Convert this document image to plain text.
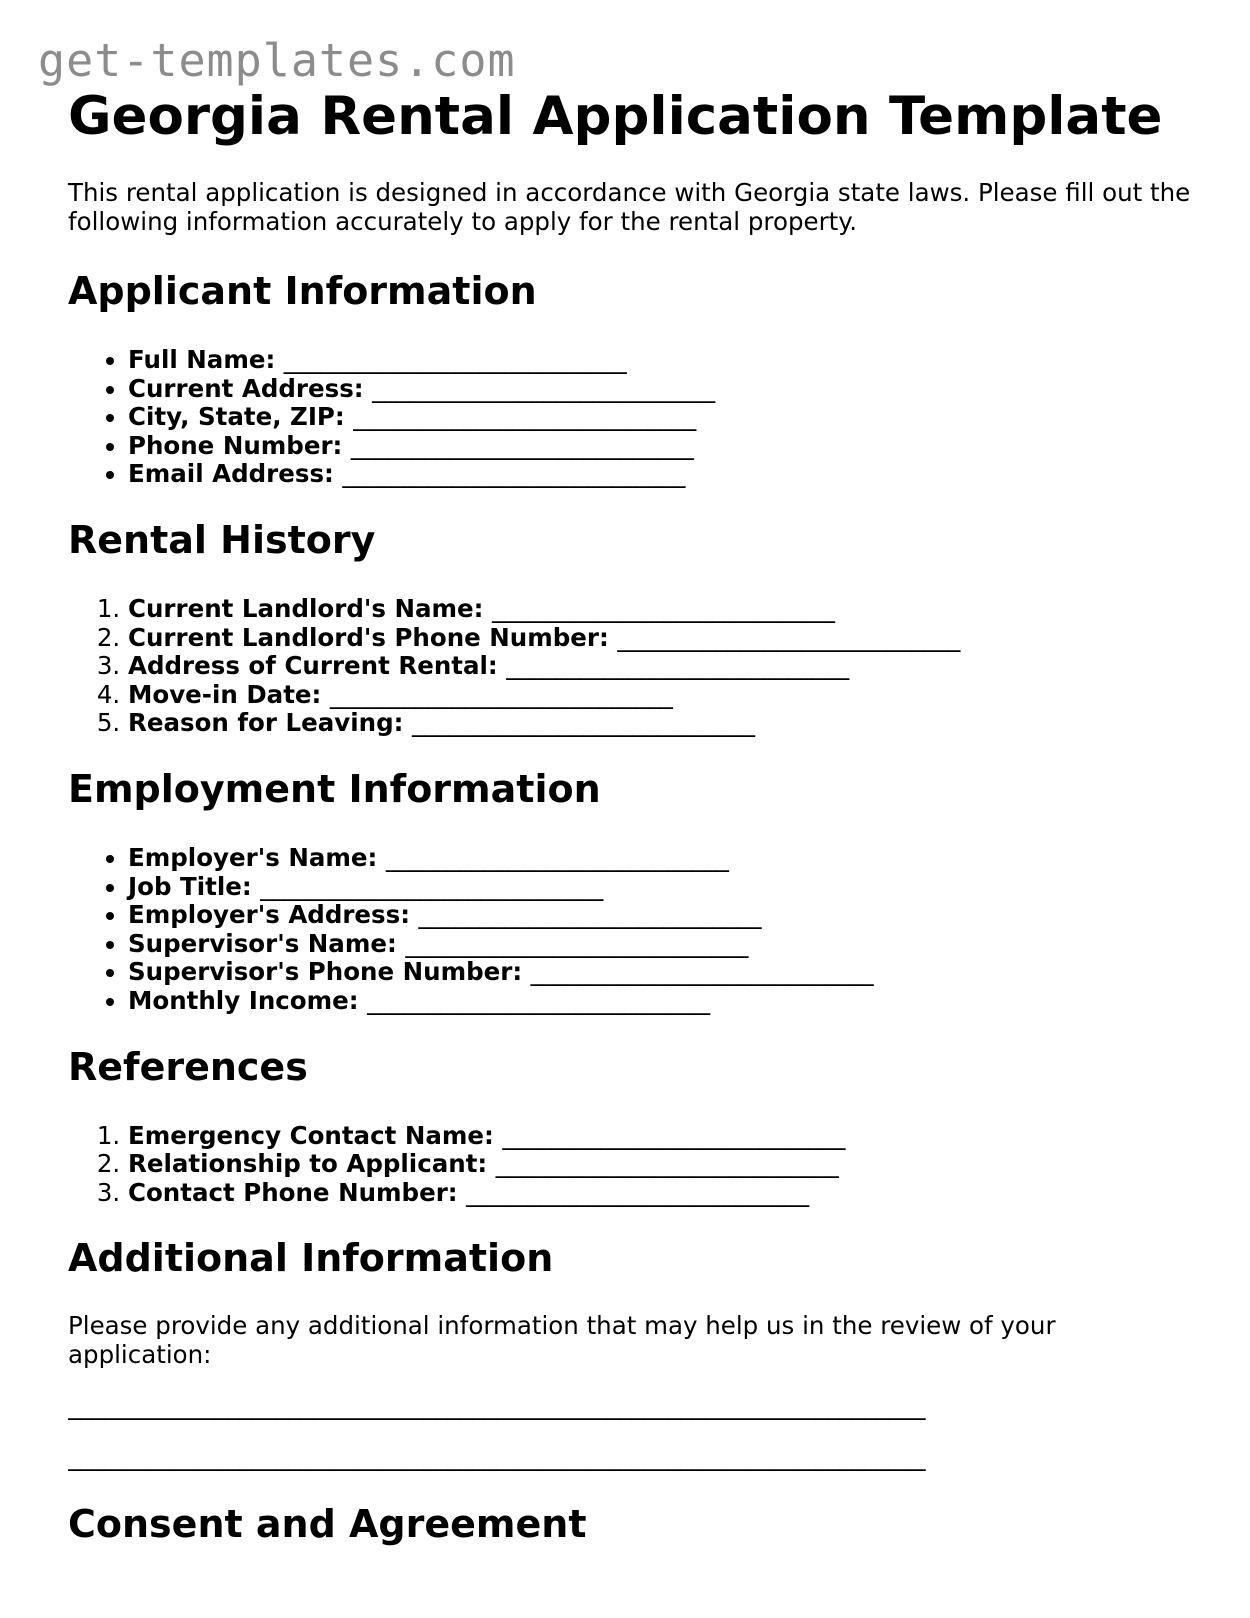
get-templates.com
Georgia Rental Application Template

This rental application is designed in accordance with Georgia state laws. Please fill out the following information accurately to apply for the rental property.

Applicant Information
• Full Name: ____________________________
• Current Address: ____________________________
• City, State, ZIP: ____________________________
• Phone Number: ____________________________
• Email Address: ____________________________
Rental History
1. Current Landlord's Name: ____________________________
2. Current Landlord's Phone Number: ____________________________
3. Address of Current Rental: ____________________________
4. Move-in Date: ____________________________
5. Reason for Leaving: ____________________________
Employment Information
• Employer's Name: ____________________________
• Job Title: ____________________________
• Employer's Address: ____________________________
• Supervisor's Name: ____________________________
• Supervisor's Phone Number: ____________________________
• Monthly Income: ____________________________
References
1. Emergency Contact Name: ____________________________
2. Relationship to Applicant: ____________________________
3. Contact Phone Number: ____________________________
Additional Information

Please provide any additional information that may help us in the review of your application:

______________________________________________________________________

______________________________________________________________________

Consent and Agreement
